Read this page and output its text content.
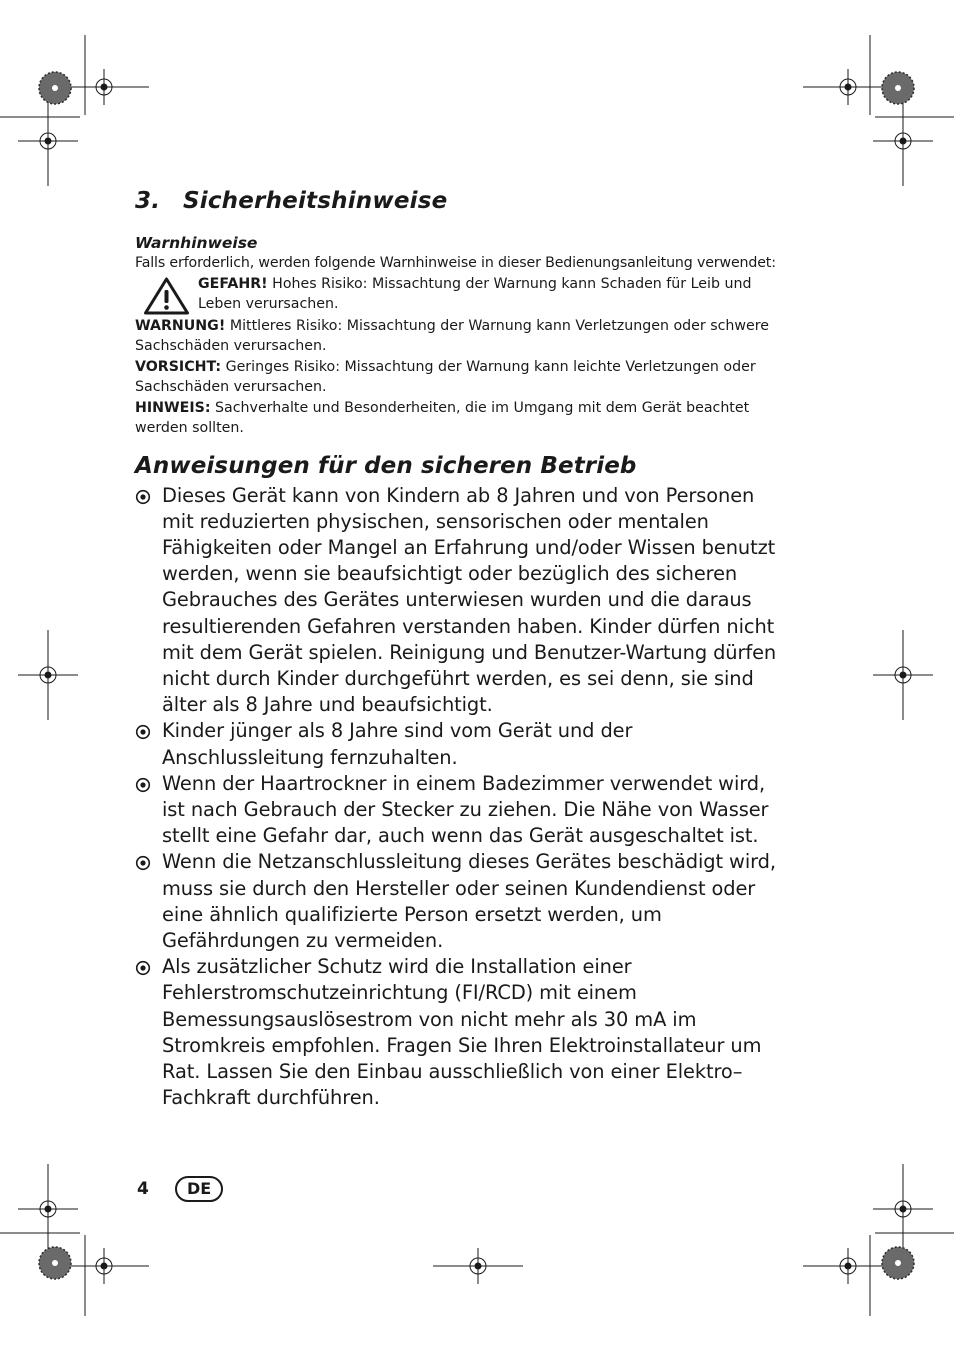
3. Sicherheitshinweise
Warnhinweise

Falls erforderlich, werden folgende Warnhinweise in dieser Bedienungsanleitung verwendet:

GEFAHR! Hohes Risiko: Missachtung der Warnung kann Schaden für Leib und Leben verursachen.

WARNUNG! Mittleres Risiko: Missachtung der Warnung kann Verletzungen oder schwere Sachschäden verursachen.

VORSICHT: Geringes Risiko: Missachtung der Warnung kann leichte Verletzungen oder Sachschäden verursachen.

HINWEIS: Sachverhalte und Besonderheiten, die im Umgang mit dem Gerät beachtet werden sollten.

Anweisungen für den sicheren Betrieb
Dieses Gerät kann von Kindern ab 8 Jahren und von Personen mit reduzierten physischen, sensorischen oder mentalen Fähigkeiten oder Mangel an Erfahrung und/oder Wissen benutzt werden, wenn sie beaufsichtigt oder bezüglich des sicheren Gebrauches des Gerätes unterwiesen wurden und die daraus resultierenden Gefahren verstanden haben. Kinder dürfen nicht mit dem Gerät spielen. Reinigung und Benutzer-Wartung dürfen nicht durch Kinder durchgeführt werden, es sei denn, sie sind älter als 8 Jahre und beaufsichtigt.
Kinder jünger als 8 Jahre sind vom Gerät und der Anschlussleitung fernzuhalten.
Wenn der Haartrockner in einem Badezimmer verwendet wird, ist nach Gebrauch der Stecker zu ziehen. Die Nähe von Wasser stellt eine Gefahr dar, auch wenn das Gerät ausgeschaltet ist.
Wenn die Netzanschlussleitung dieses Gerätes beschädigt wird, muss sie durch den Hersteller oder seinen Kundendienst oder eine ähnlich qualifizierte Person ersetzt werden, um Gefährdungen zu vermeiden.
Als zusätzlicher Schutz wird die Installation einer Fehlerstromschutzeinrichtung (FI/RCD) mit einem Bemessungsauslösestrom von nicht mehr als 30 mA im Stromkreis empfohlen. Fragen Sie Ihren Elektroinstallateur um Rat. Lassen Sie den Einbau ausschließlich von einer Elektro–Fachkraft durchführen.
4	DE
